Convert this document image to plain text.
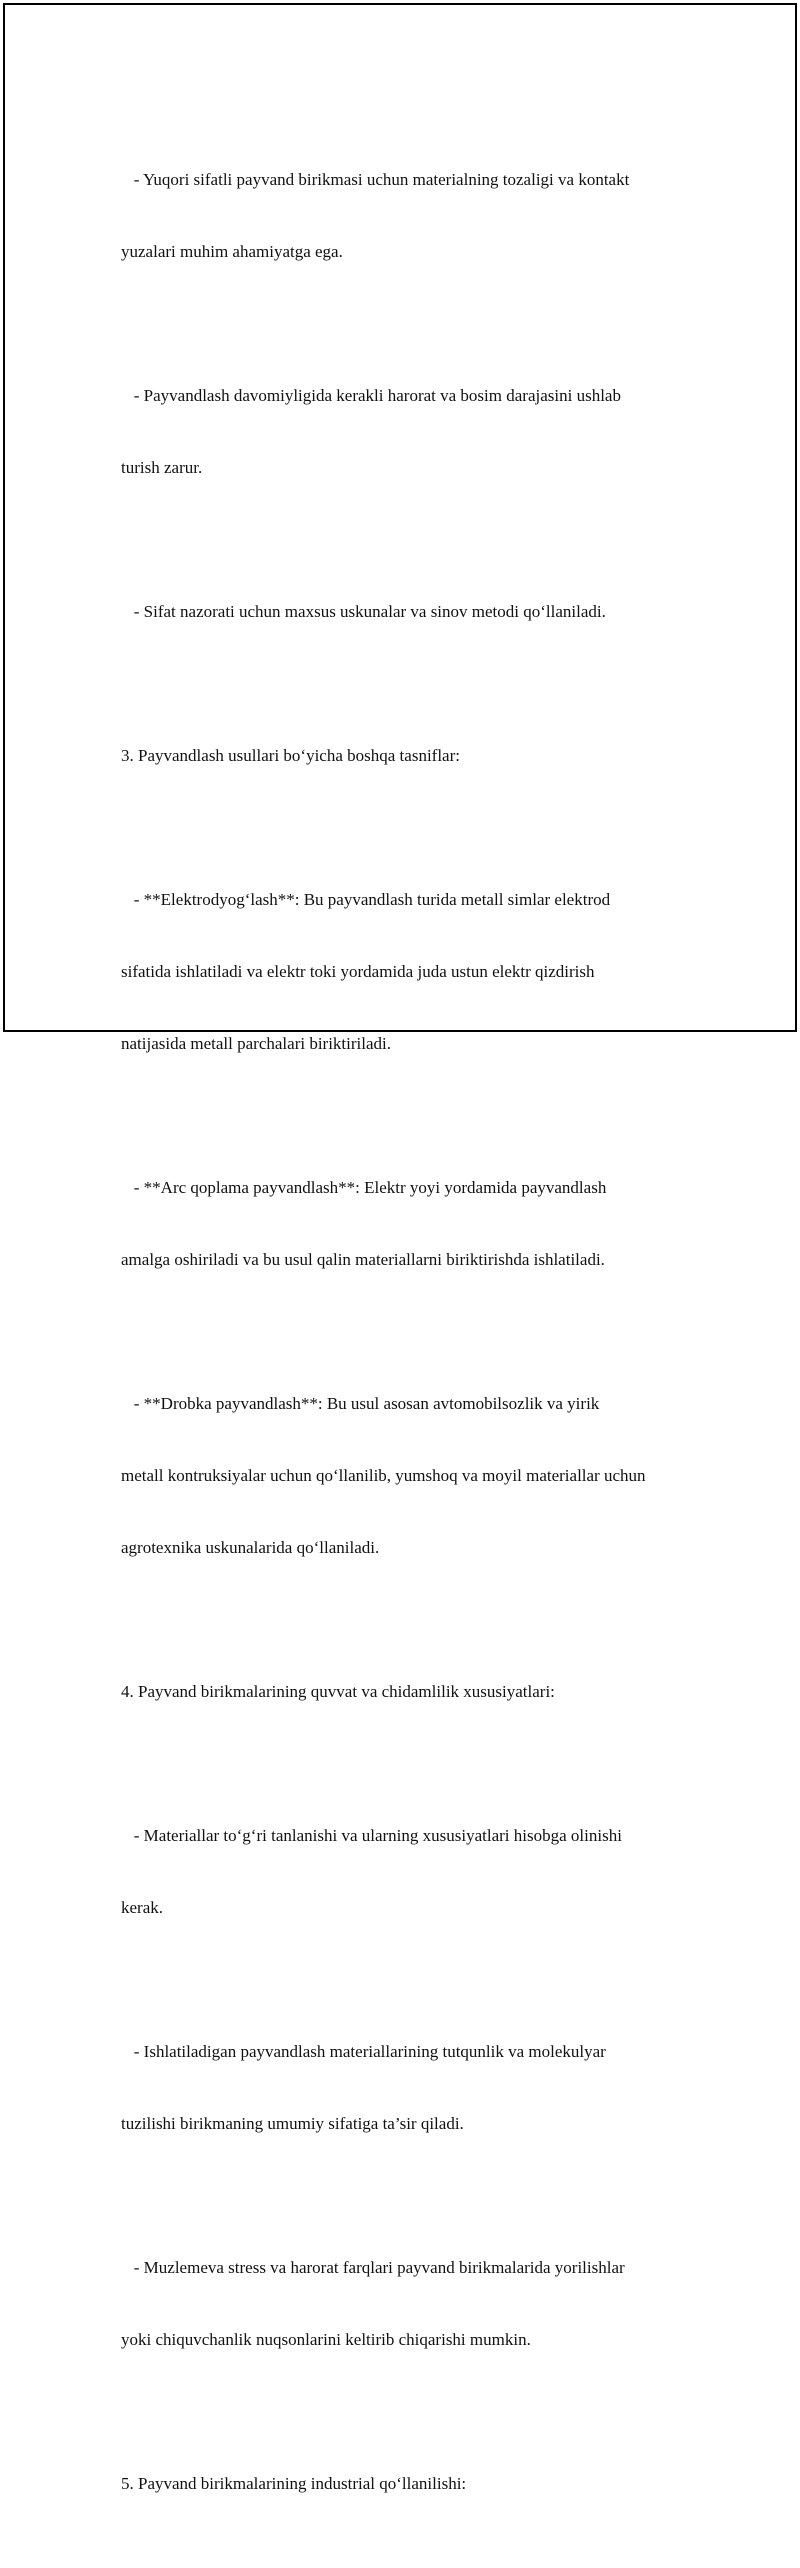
- Yuqori sifatli payvand birikmasi uchun materialning tozaligi va kontakt

yuzalari muhim ahamiyatga ega.

- Payvandlash davomiyligida kerakli harorat va bosim darajasini ushlab

turish zarur.

- Sifat nazorati uchun maxsus uskunalar va sinov metodi qo‘llaniladi.

3. Payvandlash usullari bo‘yicha boshqa tasniflar:

- **Elektrodyog‘lash**: Bu payvandlash turida metall simlar elektrod

sifatida ishlatiladi va elektr toki yordamida juda ustun elektr qizdirish

natijasida metall parchalari biriktiriladi.

- **Arc qoplama payvandlash**: Elektr yoyi yordamida payvandlash

amalga oshiriladi va bu usul qalin materiallarni biriktirishda ishlatiladi.

- **Drobka payvandlash**: Bu usul asosan avtomobilsozlik va yirik

metall kontruksiyalar uchun qo‘llanilib, yumshoq va moyil materiallar uchun

agrotexnika uskunalarida qo‘llaniladi.

4. Payvand birikmalarining quvvat va chidamlilik xususiyatlari:

- Materiallar to‘g‘ri tanlanishi va ularning xususiyatlari hisobga olinishi

kerak.

- Ishlatiladigan payvandlash materiallarining tutqunlik va molekulyar

tuzilishi birikmaning umumiy sifatiga ta’sir qiladi.

- Muzlemeva stress va harorat farqlari payvand birikmalarida yorilishlar

yoki chiquvchanlik nuqsonlarini keltirib chiqarishi mumkin.

5. Payvand birikmalarining industrial qo‘llanilishi:
